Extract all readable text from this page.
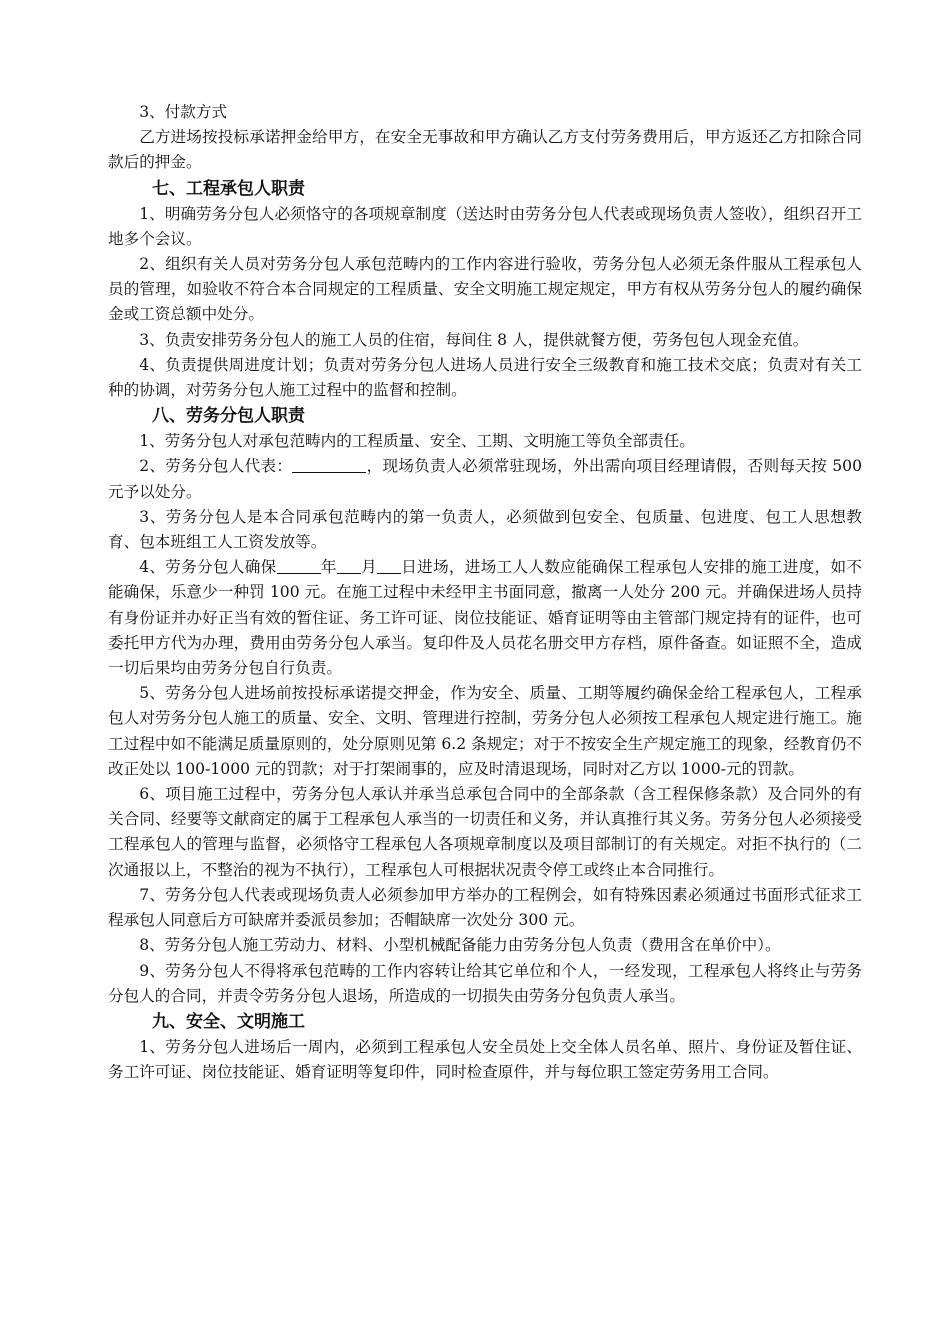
3、付款方式

乙方进场按投标承诺押金给甲方，在安全无事故和甲方确认乙方支付劳务费用后，甲方返还乙方扣除合同款后的押金。

七、工程承包人职责

1、明确劳务分包人必须恪守的各项规章制度（送达时由劳务分包人代表或现场负责人签收），组织召开工地多个会议。

2、组织有关人员对劳务分包人承包范畴内的工作内容进行验收，劳务分包人必须无条件服从工程承包人员的管理，如验收不符合本合同规定的工程质量、安全文明施工规定规定，甲方有权从劳务分包人的履约确保金或工资总额中处分。

3、负责安排劳务分包人的施工人员的住宿，每间住 8 人，提供就餐方便，劳务包包人现金充值。

4、负责提供周进度计划；负责对劳务分包人进场人员进行安全三级教育和施工技术交底；负责对有关工种的协调，对劳务分包人施工过程中的监督和控制。

八、劳务分包人职责

1、劳务分包人对承包范畴内的工程质量、安全、工期、文明施工等负全部责任。

2、劳务分包人代表：	，现场负责人必须常驻现场，外出需向项目经理请假，否则每天按 500 元予以处分。

3、劳务分包人是本合同承包范畴内的第一负责人，必须做到包安全、包质量、包进度、包工人思想教育、包本班组工人工资发放等。

4、劳务分包人确保	年 月 日进场，进场工人人数应能确保工程承包人安排的施工进度，如不能确保，乐意少一种罚 100 元。在施工过程中未经甲主书面同意，撤离一人处分 200 元。并确保进场人员持有身份证并办好正当有效的暂住证、务工许可证、岗位技能证、婚育证明等由主管部门规定持有的证件，也可委托甲方代为办理，费用由劳务分包人承当。复印件及人员花名册交甲方存档，原件备查。如证照不全，造成一切后果均由劳务分包自行负责。

5、劳务分包人进场前按投标承诺提交押金，作为安全、质量、工期等履约确保金给工程承包人，工程承包人对劳务分包人施工的质量、安全、文明、管理进行控制，劳务分包人必须按工程承包人规定进行施工。施工过程中如不能满足质量原则的，处分原则见第 6.2 条规定；对于不按安全生产规定施工的现象，经教育仍不改正处以 100-1000 元的罚款；对于打架闹事的，应及时清退现场，同时对乙方以 1000-元的罚款。

6、项目施工过程中，劳务分包人承认并承当总承包合同中的全部条款（含工程保修条款）及合同外的有关合同、经要等文献商定的属于工程承包人承当的一切责任和义务，并认真推行其义务。劳务分包人必须接受工程承包人的管理与监督，必须恪守工程承包人各项规章制度以及项目部制订的有关规定。对拒不执行的（二次通报以上，不整治的视为不执行），工程承包人可根据状况责令停工或终止本合同推行。

7、劳务分包人代表或现场负责人必须参加甲方举办的工程例会，如有特殊因素必须通过书面形式征求工程承包人同意后方可缺席并委派员参加；否帽缺席一次处分 300 元。

8、劳务分包人施工劳动力、材料、小型机械配备能力由劳务分包人负责（费用含在单价中）。

9、劳务分包人不得将承包范畴的工作内容转让给其它单位和个人，一经发现，工程承包人将终止与劳务分包人的合同，并责令劳务分包人退场，所造成的一切损失由劳务分包负责人承当。

九、安全、文明施工

1、劳务分包人进场后一周内，必须到工程承包人安全员处上交全体人员名单、照片、身份证及暂住证、务工许可证、岗位技能证、婚育证明等复印件，同时检查原件，并与每位职工签定劳务用工合同。
